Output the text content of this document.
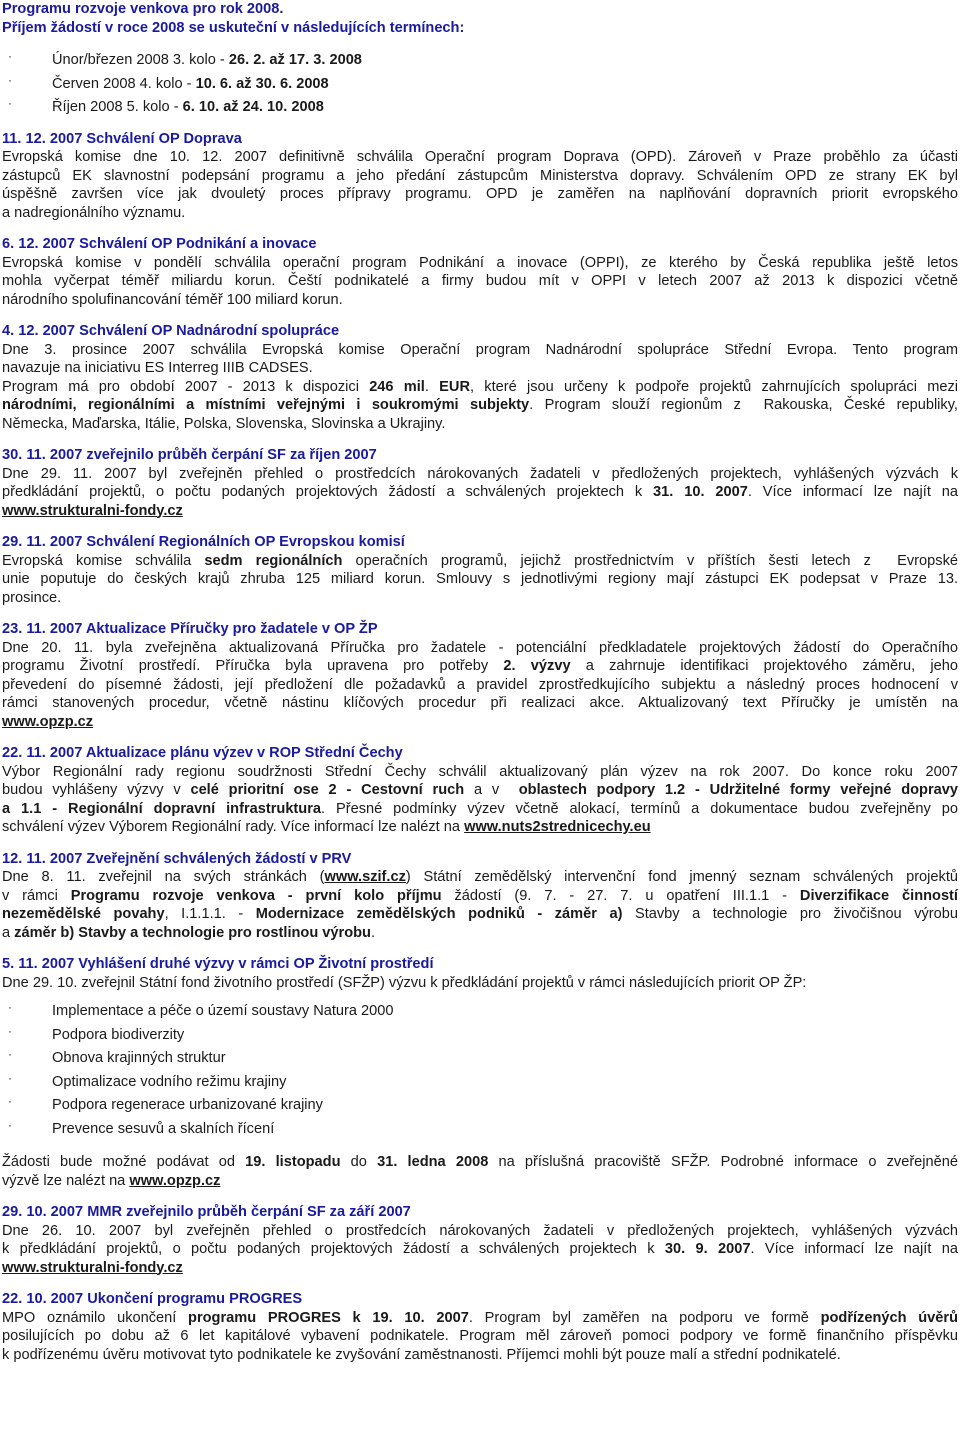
Programu rozvoje venkova pro rok 2008.
Příjem žádostí v roce 2008 se uskuteční v následujících termínech:
·	Únor/březen 2008 3. kolo - 26. 2. až 17. 3. 2008
·	Červen 2008 4. kolo - 10. 6. až 30. 6. 2008
·	Říjen 2008 5. kolo - 6. 10. až 24. 10. 2008
11. 12. 2007 Schválení OP Doprava
Evropská komise dne 10. 12. 2007 definitivně schválila Operační program Doprava (OPD). Zároveň v Praze proběhlo za účasti
zástupců EK slavnostní podepsání programu a jeho předání zástupcům Ministerstva dopravy. Schválením OPD ze strany EK byl
úspěšně završen více jak dvouletý proces přípravy programu. OPD je zaměřen na naplňování dopravních priorit evropského
a nadregionálního významu.
6. 12. 2007 Schválení OP Podnikání a inovace
Evropská komise v pondělí schválila operační program Podnikání a inovace (OPPI), ze kterého by Česká republika ještě letos
mohla vyčerpat téměř miliardu korun. Čeští podnikatelé a firmy budou mít v OPPI v letech 2007 až 2013 k dispozici včetně
národního spolufinancování téměř 100 miliard korun.
4. 12. 2007 Schválení OP Nadnárodní spolupráce
Dne 3. prosince 2007 schválila Evropská komise Operační program Nadnárodní spolupráce Střední Evropa. Tento program
navazuje na iniciativu ES Interreg IIIB CADSES.
Program má pro období 2007 - 2013 k dispozici 246 mil. EUR, které jsou určeny k podpoře projektů zahrnujících spolupráci mezi
národními, regionálními a místními veřejnými i soukromými subjekty. Program slouží regionům z  Rakouska, České republiky,
Německa, Maďarska, Itálie, Polska, Slovenska, Slovinska a Ukrajiny.
30. 11. 2007 zveřejnilo průběh čerpání SF za říjen 2007
Dne 29. 11. 2007 byl zveřejněn přehled o prostředcích nárokovaných žadateli v předložených projektech, vyhlášených výzvách k
předkládání projektů, o počtu podaných projektových žádostí a schválených projektech k 31. 10. 2007. Více informací lze najít na
www.strukturalni-fondy.cz
29. 11. 2007 Schválení Regionálních OP Evropskou komisí
Evropská komise schválila sedm regionálních operačních programů, jejichž prostřednictvím v příštích šesti letech z  Evropské
unie poputuje do českých krajů zhruba 125 miliard korun. Smlouvy s jednotlivými regiony mají zástupci EK podepsat v Praze 13.
prosince.
23. 11. 2007 Aktualizace Příručky pro žadatele v OP ŽP
Dne 20. 11. byla zveřejněna aktualizovaná Příručka pro žadatele - potenciální předkladatele projektových žádostí do Operačního
programu Životní prostředí. Příručka byla upravena pro potřeby 2. výzvy a zahrnuje identifikaci projektového záměru, jeho
převedení do písemné žádosti, její předložení dle požadavků a pravidel zprostředkujícího subjektu a následný proces hodnocení v
rámci stanovených procedur, včetně nástinu klíčových procedur při realizaci akce. Aktualizovaný text Příručky je umístěn na
www.opzp.cz
22. 11. 2007 Aktualizace plánu výzev v ROP Střední Čechy
Výbor Regionální rady regionu soudržnosti Střední Čechy schválil aktualizovaný plán výzev na rok 2007. Do konce roku 2007
budou vyhlášeny výzvy v celé prioritní ose 2 - Cestovní ruch a v  oblastech podpory 1.2 - Udržitelné formy veřejné dopravy
a 1.1 - Regionální dopravní infrastruktura. Přesné podmínky výzev včetně alokací, termínů a dokumentace budou zveřejněny po
schválení výzev Výborem Regionální rady. Více informací lze nalézt na www.nuts2stredniсechy.eu
12. 11. 2007 Zveřejnění schválených žádostí v PRV
Dne 8. 11. zveřejnil na svých stránkách (www.szif.cz) Státní zemědělský intervenční fond jmenný seznam schválených projektů
v rámci Programu rozvoje venkova - první kolo příjmu žádostí (9. 7. - 27. 7. u opatření III.1.1 - Diverzifikace činností
nezemědělské povahy, I.1.1.1. - Modernizace zemědělských podniků - záměr a) Stavby a technologie pro živočišnou výrobu
a záměr b) Stavby a technologie pro rostlinou výrobu.
5. 11. 2007 Vyhlášení druhé výzvy v rámci OP Životní prostředí
Dne 29. 10. zveřejnil Státní fond životního prostředí (SFŽP) výzvu k předkládání projektů v rámci následujících priorit OP ŽP:
·	Implementace a péče o území soustavy Natura 2000
·	Podpora biodiverzity
·	Obnova krajinných struktur
·	Optimalizace vodního režimu krajiny
·	Podpora regenerace urbanizované krajiny
·	Prevence sesuvů a skalních řícení
Žádosti bude možné podávat od 19. listopadu do 31. ledna 2008 na příslušná pracoviště SFŽP. Podrobné informace o zveřejněné
výzvě lze nalézt na www.opzp.cz
29. 10. 2007 MMR zveřejnilo průběh čerpání SF za září 2007
Dne 26. 10. 2007 byl zveřejněn přehled o prostředcích nárokovaných žadateli v předložených projektech, vyhlášených výzvách
k předkládání projektů, o počtu podaných projektových žádostí a schválených projektech k 30. 9. 2007. Více informací lze najít na
www.strukturalni-fondy.cz
22. 10. 2007 Ukončení programu PROGRES
MPO oznámilo ukončení programu PROGRES k 19. 10. 2007. Program byl zaměřen na podporu ve formě podřízených úvěrů
posilujících po dobu až 6 let kapitálové vybavení podnikatele. Program měl zároveň pomoci podpory ve formě finančního příspěvku
k podřízenému úvěru motivovat tyto podnikatele ke zvyšování zaměstnanosti. Příjemci mohli být pouze malí a střední podnikatelé.
